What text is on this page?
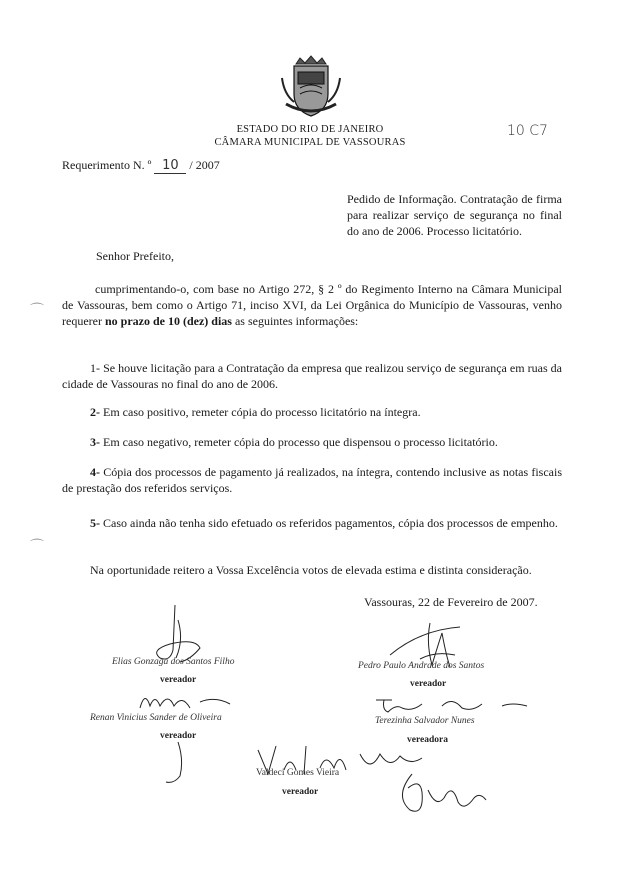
ESTADO DO RIO DE JANEIRO
CÂMARA MUNICIPAL DE VASSOURAS
10 C7
Requerimento N. º 10 / 2007
Pedido de Informação. Contratação de firma para realizar serviço de segurança no final do ano de 2006. Processo licitatório.
Senhor Prefeito,
cumprimentando-o, com base no Artigo 272, § 2 º do Regimento Interno na Câmara Municipal de Vassouras, bem como o Artigo 71, inciso XVI, da Lei Orgânica do Município de Vassouras, venho requerer no prazo de 10 (dez) dias as seguintes informações:
1- Se houve licitação para a Contratação da empresa que realizou serviço de segurança em ruas da cidade de Vassouras no final do ano de 2006.
2- Em caso positivo, remeter cópia do processo licitatório na íntegra.
3- Em caso negativo, remeter cópia do processo que dispensou o processo licitatório.
4- Cópia dos processos de pagamento já realizados, na íntegra, contendo inclusive as notas fiscais de prestação dos referidos serviços.
5- Caso ainda não tenha sido efetuado os referidos pagamentos, cópia dos processos de empenho.
Na oportunidade reitero a Vossa Excelência votos de elevada estima e distinta consideração.
Vassouras, 22 de Fevereiro de 2007.
⌒
⌒
Elias Gonzaga dos Santos Filho
vereador
Pedro Paulo Andrade dos Santos
vereador
Renan Vinicius Sander de Oliveira
vereador
Terezinha Salvador Nunes
vereadora
Valdeci Gomes Vieira
vereador
